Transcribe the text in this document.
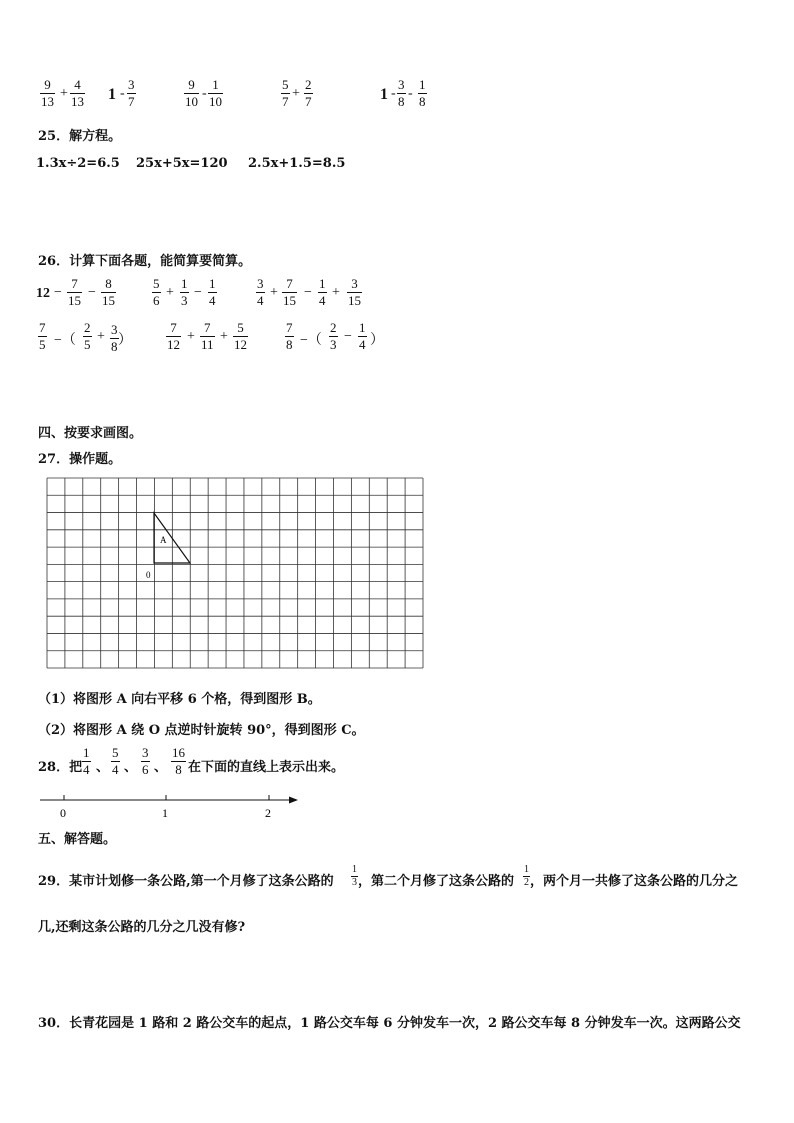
9
13
+
4
13 1 -
3
7
9
10
-
1
10
5
7
+
2
7	1 -
3
8
-
1
8
25．解方程。
1.3x÷2=6.5 25x+5x=120 2.5x+1.5=8.5
26．计算下面各题，能简算要简算。
12 −
7
15
−
8
15
5
6
+
1
3
−
1
4
3
4
+
7
15
−
1
4
+
3
15
7
5 −（
2
5
+ 3
8 ）
7
12
+
7
11
+
5
12
7
8 −（
2
3
−
1
4 ）
四、按要求画图。
27．操作题。
A
0
（1）将图形 A 向右平移 6 个格，得到图形 B。
（2）将图形 A 绕 O 点逆时针旋转 90°，得到图形 C。
28．把
1
4 、
5
4 、
3
6 、
16
8 在下面的直线上表示出来。
0	1	2
五、解答题。
29．某市计划修一条公路,第一个月修了这条公路的
1
3 ，第二个月修了这条公路的
1
2 ，两个月一共修了这条公路的几分之
几,还剩这条公路的几分之几没有修?
30．长青花园是 1 路和 2 路公交车的起点，1 路公交车每 6 分钟发车一次，2 路公交车每 8 分钟发车一次。这两路公交
